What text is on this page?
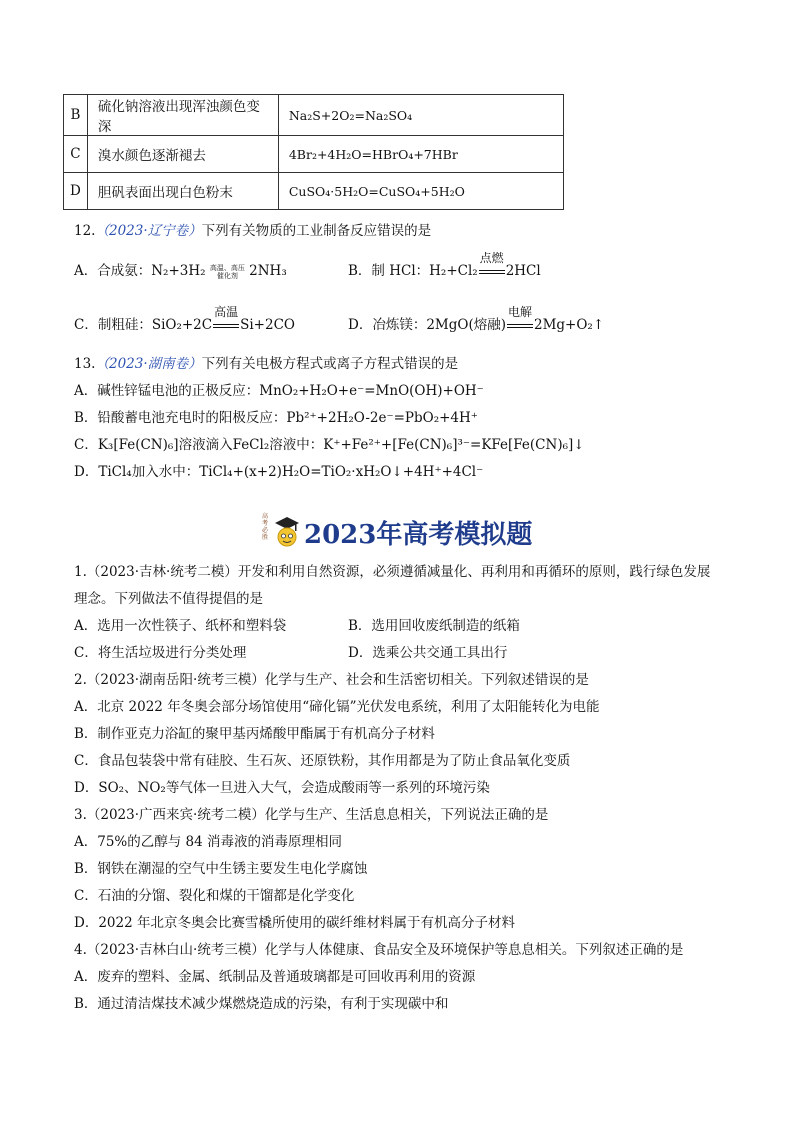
B	硫化钠溶液出现浑浊颜色变深	Na₂S+2O₂=Na₂SO₄
C	溴水颜色逐渐褪去	4Br₂+4H₂O=HBrO₄+7HBr
D	胆矾表面出现白色粉末	CuSO₄·5H₂O=CuSO₄+5H₂O
12.（2023·辽宁卷）下列有关物质的工业制备反应错误的是
A．合成氨：N₂+3H₂ 高温、高压
催化剂 2NH₃	B．制 HCl：H₂+Cl₂
点燃
2HCl
C．制粗硅：SiO₂+2C
高温
Si+2CO	D．冶炼镁：2MgO(熔融)
电解
2Mg+O₂↑
13.（2023·湖南卷）下列有关电极方程式或离子方程式错误的是
A．碱性锌锰电池的正极反应：MnO₂+H₂O+e⁻=MnO(OH)+OH⁻
B．铅酸蓄电池充电时的阳极反应：Pb²⁺+2H₂O-2e⁻=PbO₂+4H⁺
C．K₃[Fe(CN)₆]溶液滴入FeCl₂溶液中：K⁺+Fe²⁺+[Fe(CN)₆]³⁻=KFe[Fe(CN)₆]↓
D．TiCl₄加入水中：TiCl₄+(x+2)H₂O=TiO₂·xH₂O↓+4H⁺+4Cl⁻
高考必胜 2023年高考模拟题
1.（2023·吉林·统考二模）开发和利用自然资源，必须遵循减量化、再利用和再循环的原则，践行绿色发展
理念。下列做法不值得提倡的是
A．选用一次性筷子、纸杯和塑料袋	B．选用回收废纸制造的纸箱
C．将生活垃圾进行分类处理	D．选乘公共交通工具出行
2.（2023·湖南岳阳·统考三模）化学与生产、社会和生活密切相关。下列叙述错误的是
A．北京 2022 年冬奥会部分场馆使用“碲化镉”光伏发电系统，利用了太阳能转化为电能
B．制作亚克力浴缸的聚甲基丙烯酸甲酯属于有机高分子材料
C．食品包装袋中常有硅胶、生石灰、还原铁粉，其作用都是为了防止食品氧化变质
D．SO₂、NO₂等气体一旦进入大气，会造成酸雨等一系列的环境污染
3.（2023·广西来宾·统考二模）化学与生产、生活息息相关，下列说法正确的是
A．75%的乙醇与 84 消毒液的消毒原理相同
B．钢铁在潮湿的空气中生锈主要发生电化学腐蚀
C．石油的分馏、裂化和煤的干馏都是化学变化
D．2022 年北京冬奥会比赛雪橇所使用的碳纤维材料属于有机高分子材料
4.（2023·吉林白山·统考三模）化学与人体健康、食品安全及环境保护等息息相关。下列叙述正确的是
A．废弃的塑料、金属、纸制品及普通玻璃都是可回收再利用的资源
B．通过清洁煤技术减少煤燃烧造成的污染，有利于实现碳中和
